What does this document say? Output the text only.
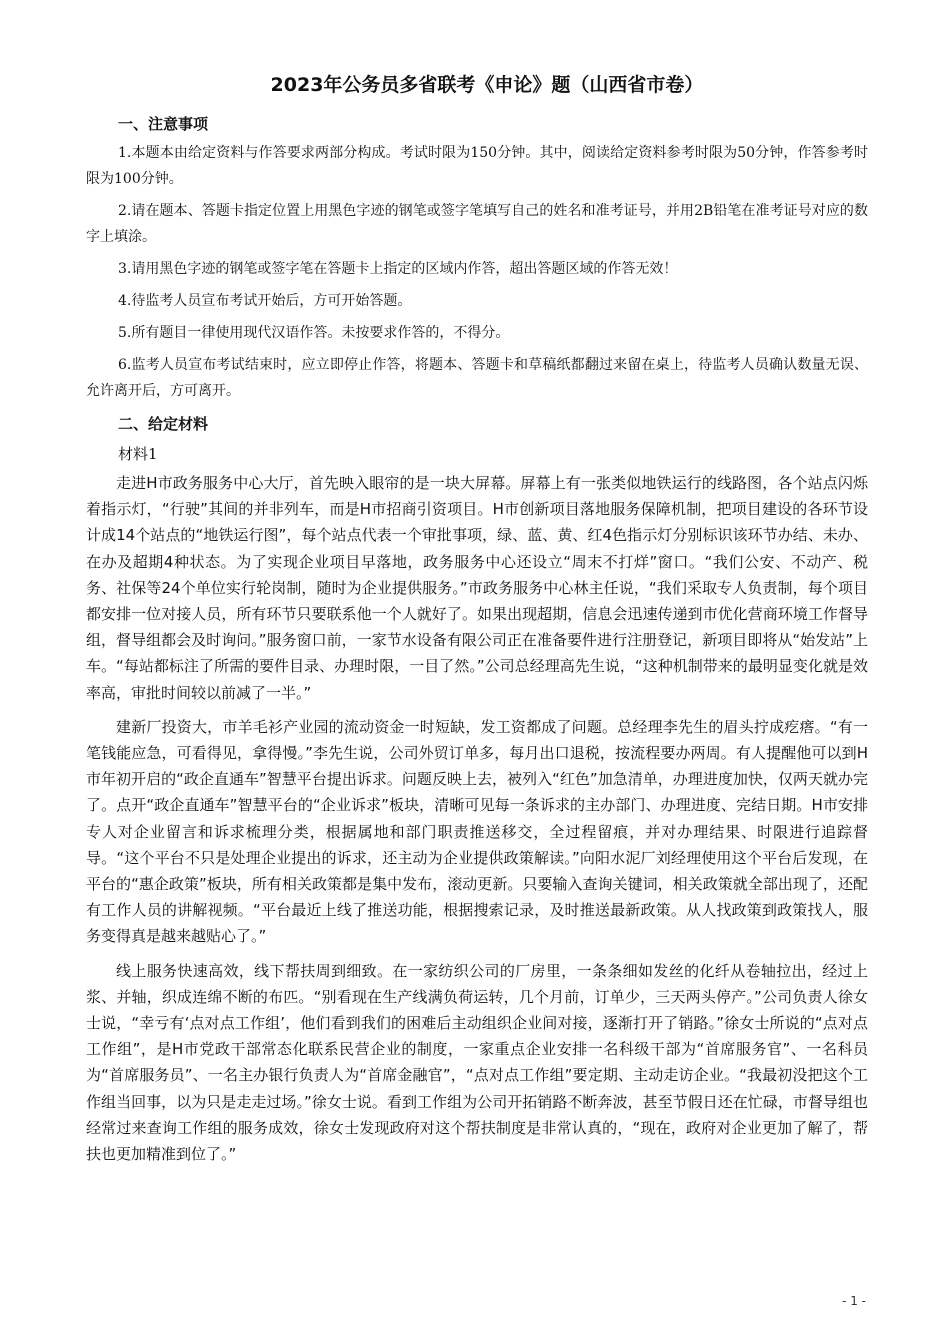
2023年公务员多省联考《申论》题（山西省市卷）
一、注意事项

1.本题本由给定资料与作答要求两部分构成。考试时限为150分钟。其中，阅读给定资料参考时限为50分钟，作答参考时限为100分钟。

2.请在题本、答题卡指定位置上用黑色字迹的钢笔或签字笔填写自己的姓名和准考证号，并用2B铅笔在准考证号对应的数字上填涂。

3.请用黑色字迹的钢笔或签字笔在答题卡上指定的区域内作答，超出答题区域的作答无效！

4.待监考人员宣布考试开始后，方可开始答题。

5.所有题目一律使用现代汉语作答。未按要求作答的，不得分。

6.监考人员宣布考试结束时，应立即停止作答，将题本、答题卡和草稿纸都翻过来留在桌上，待监考人员确认数量无误、允许离开后，方可离开。

二、给定材料
材料1

走进H市政务服务中心大厅，首先映入眼帘的是一块大屏幕。屏幕上有一张类似地铁运行的线路图，各个站点闪烁着指示灯，“行驶”其间的并非列车，而是H市招商引资项目。H市创新项目落地服务保障机制，把项目建设的各环节设计成14个站点的“地铁运行图”，每个站点代表一个审批事项，绿、蓝、黄、红4色指示灯分别标识该环节办结、未办、在办及超期4种状态。为了实现企业项目早落地，政务服务中心还设立“周末不打烊”窗口。“我们公安、不动产、税务、社保等24个单位实行轮岗制，随时为企业提供服务。”市政务服务中心林主任说，“我们采取专人负责制，每个项目都安排一位对接人员，所有环节只要联系他一个人就好了。如果出现超期，信息会迅速传递到市优化营商环境工作督导组，督导组都会及时询问。”服务窗口前，一家节水设备有限公司正在准备要件进行注册登记，新项目即将从“始发站”上车。“每站都标注了所需的要件目录、办理时限，一目了然。”公司总经理高先生说，“这种机制带来的最明显变化就是效率高，审批时间较以前减了一半。”

建新厂投资大，市羊毛衫产业园的流动资金一时短缺，发工资都成了问题。总经理李先生的眉头拧成疙瘩。“有一笔钱能应急，可看得见，拿得慢。”李先生说，公司外贸订单多，每月出口退税，按流程要办两周。有人提醒他可以到H市年初开启的“政企直通车”智慧平台提出诉求。问题反映上去，被列入“红色”加急清单，办理进度加快，仅两天就办完了。点开“政企直通车”智慧平台的“企业诉求”板块，清晰可见每一条诉求的主办部门、办理进度、完结日期。H市安排专人对企业留言和诉求梳理分类，根据属地和部门职责推送移交，全过程留痕，并对办理结果、时限进行追踪督导。“这个平台不只是处理企业提出的诉求，还主动为企业提供政策解读。”向阳水泥厂刘经理使用这个平台后发现，在平台的“惠企政策”板块，所有相关政策都是集中发布，滚动更新。只要输入查询关键词，相关政策就全部出现了，还配有工作人员的讲解视频。“平台最近上线了推送功能，根据搜索记录，及时推送最新政策。从人找政策到政策找人，服务变得真是越来越贴心了。”

线上服务快速高效，线下帮扶周到细致。在一家纺织公司的厂房里，一条条细如发丝的化纤从卷轴拉出，经过上浆、并轴，织成连绵不断的布匹。“别看现在生产线满负荷运转，几个月前，订单少，三天两头停产。”公司负责人徐女士说，“幸亏有‘点对点工作组’，他们看到我们的困难后主动组织企业间对接，逐渐打开了销路。”徐女士所说的“点对点工作组”，是H市党政干部常态化联系民营企业的制度，一家重点企业安排一名科级干部为“首席服务官”、一名科员为“首席服务员”、一名主办银行负责人为“首席金融官”，“点对点工作组”要定期、主动走访企业。“我最初没把这个工作组当回事，以为只是走走过场。”徐女士说。看到工作组为公司开拓销路不断奔波，甚至节假日还在忙碌，市督导组也经常过来查询工作组的服务成效，徐女士发现政府对这个帮扶制度是非常认真的，“现在，政府对企业更加了解了，帮扶也更加精准到位了。”

- 1 -
